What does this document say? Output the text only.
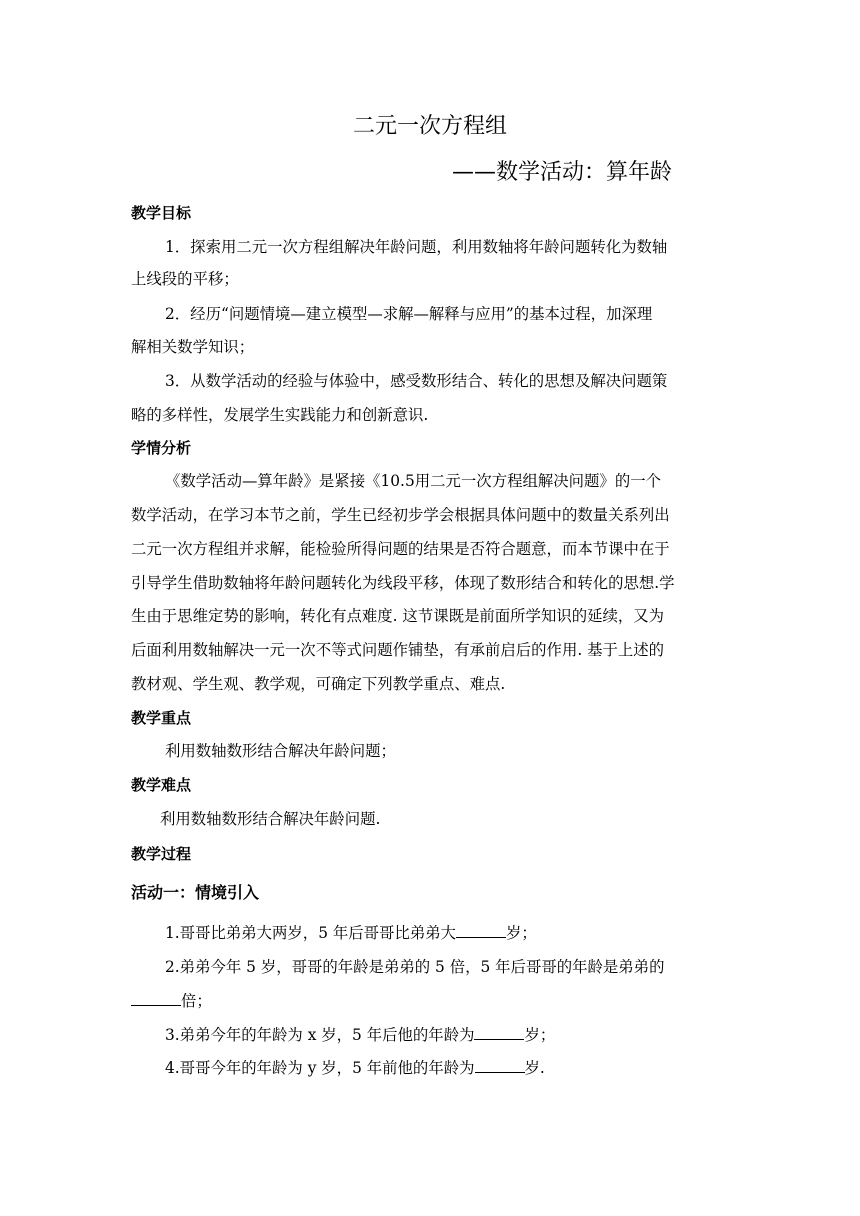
二元一次方程组
——数学活动：算年龄
教学目标
1．探索用二元一次方程组解决年龄问题，利用数轴将年龄问题转化为数轴
上线段的平移；
2．经历“问题情境—建立模型—求解—解释与应用”的基本过程，加深理
解相关数学知识；
3．从数学活动的经验与体验中，感受数形结合、转化的思想及解决问题策
略的多样性，发展学生实践能力和创新意识.
学情分析
《数学活动—算年龄》是紧接《10.5用二元一次方程组解决问题》的一个
数学活动，在学习本节之前，学生已经初步学会根据具体问题中的数量关系列出
二元一次方程组并求解，能检验所得问题的结果是否符合题意，而本节课中在于
引导学生借助数轴将年龄问题转化为线段平移，体现了数形结合和转化的思想.学
生由于思维定势的影响，转化有点难度. 这节课既是前面所学知识的延续，又为
后面利用数轴解决一元一次不等式问题作铺垫，有承前启后的作用. 基于上述的
教材观、学生观、教学观，可确定下列教学重点、难点.
教学重点
利用数轴数形结合解决年龄问题；
教学难点
利用数轴数形结合解决年龄问题.
教学过程
活动一：情境引入
1.哥哥比弟弟大两岁，5 年后哥哥比弟弟大	岁；
2.弟弟今年 5 岁，哥哥的年龄是弟弟的 5 倍，5 年后哥哥的年龄是弟弟的
倍；
3.弟弟今年的年龄为 x 岁，5 年后他的年龄为	岁；
4.哥哥今年的年龄为 y 岁，5 年前他的年龄为	岁.
